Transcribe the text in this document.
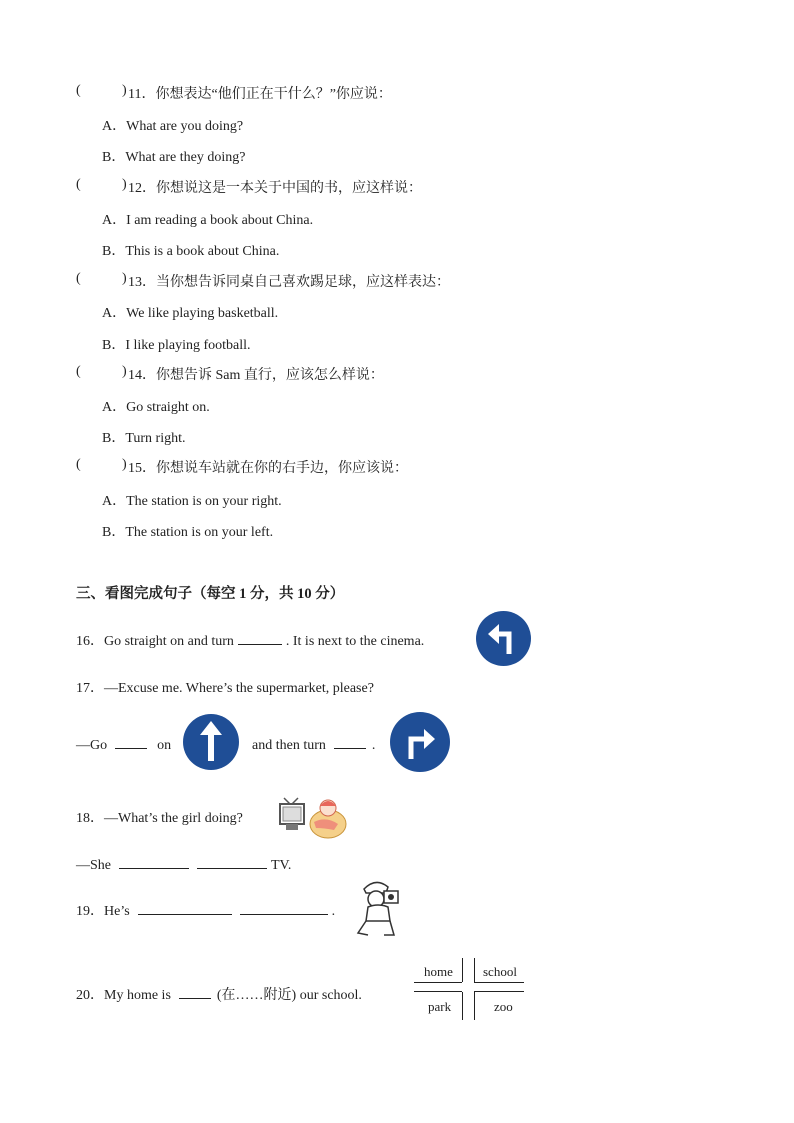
(	) 11．你想表达“他们正在干什么？”你应说：
A．What are you doing?
B．What are they doing?
(	) 12．你想说这是一本关于中国的书，应这样说：
A．I am reading a book about China.
B．This is a book about China.
(	) 13．当你想告诉同桌自己喜欢踢足球，应这样表达：
A．We like playing basketball.
B．I like playing football.
(	) 14．你想告诉 Sam 直行，应该怎么样说：
A．Go straight on.
B．Turn right.
(	) 15．你想说车站就在你的右手边，你应该说：
A．The station is on your right.
B．The station is on your left.
三、看图完成句子（每空 1 分，共 10 分）
16．Go straight on and turn	. It is next to the cinema.
17．—Excuse me. Where’s the supermarket, please?
—Go	on	and then turn	.
18．—What’s the girl doing?
—She	TV.
19．He’s	.
20．My home is	(在……附近) our school.
home school
park	zoo
